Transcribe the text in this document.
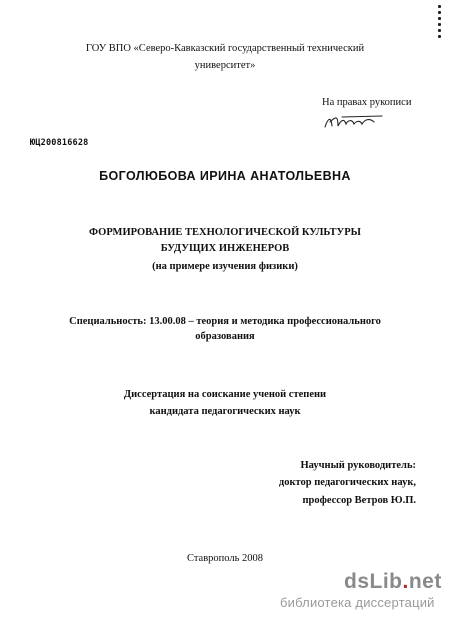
ГОУ ВПО «Северо-Кавказский государственный технический
университет»
На правах рукописи
ЮЦ200816628
БОГОЛЮБОВА ИРИНА АНАТОЛЬЕВНА
ФОРМИРОВАНИЕ ТЕХНОЛОГИЧЕСКОЙ КУЛЬТУРЫ
БУДУЩИХ ИНЖЕНЕРОВ
(на примере изучения физики)
Специальность: 13.00.08 – теория и методика профессионального
образования
Диссертация на соискание ученой степени
кандидата педагогических наук
Научный руководитель:
доктор педагогических наук,
профессор Ветров Ю.П.
Ставрополь 2008
dsLib.net
библиотека диссертаций
